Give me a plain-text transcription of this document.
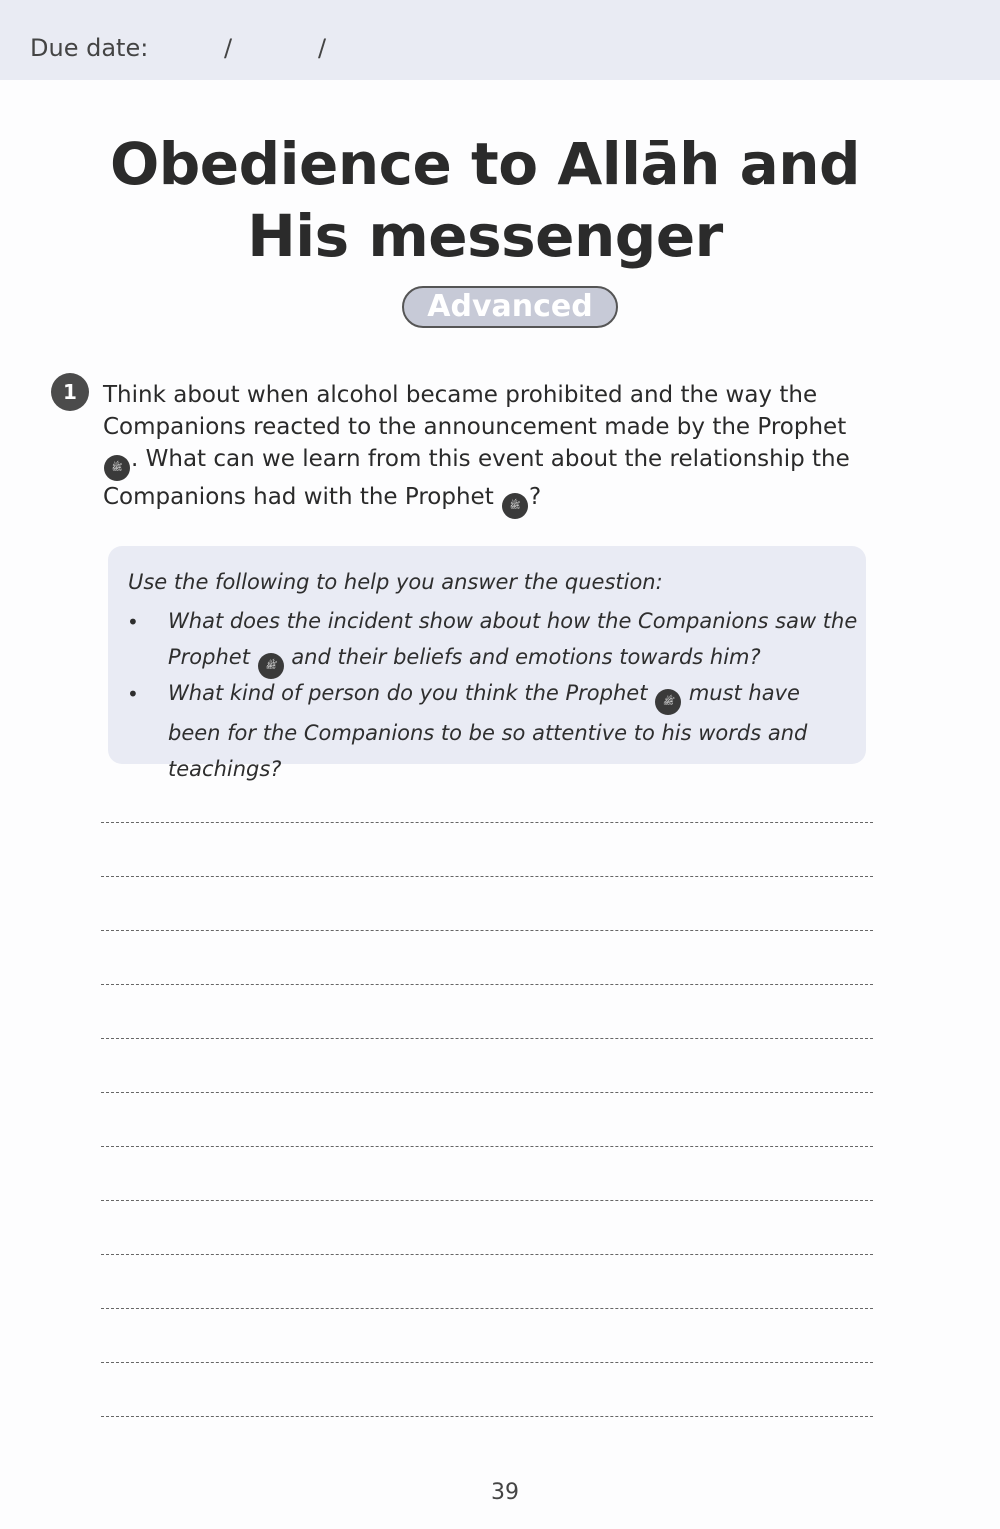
Due date:	/	/
Obedience to Allāh and
His messenger
Advanced
1	Think about when alcohol became prohibited and the way the Companions reacted to the announcement made by the Prophet ﷺ . What can we learn from this event about the relationship the Companions had with the Prophet ﷺ ?
Use the following to help you answer the question:
• What does the incident show about how the Companions saw the Prophet ﷺ and their beliefs and emotions towards him?
• What kind of person do you think the Prophet ﷺ must have been for the Companions to be so attentive to his words and teachings?
39
